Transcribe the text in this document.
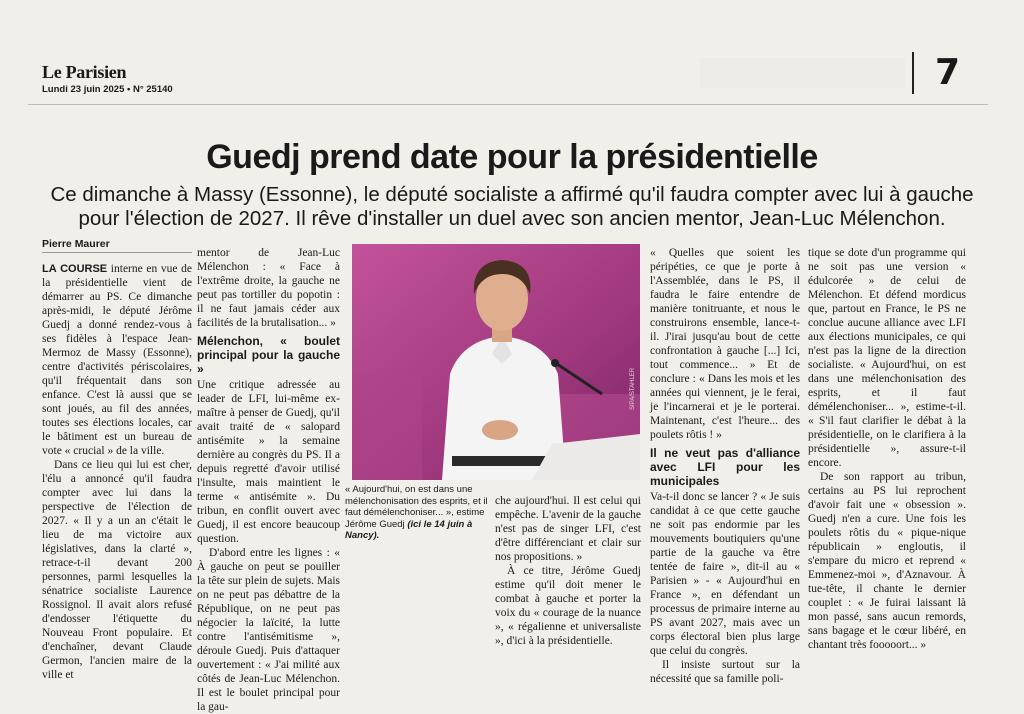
Le Parisien
Lundi 23 juin 2025 • N° 25140	7
Guedj prend date pour la présidentielle
Ce dimanche à Massy (Essonne), le député socialiste a affirmé qu'il faudra compter avec lui à gauche pour l'élection de 2027. Il rêve d'installer un duel avec son ancien mentor, Jean-Luc Mélenchon.
Pierre Maurer

LA COURSE interne en vue de la présidentielle vient de démarrer au PS. Ce dimanche après-midi, le député Jérôme Guedj a donné rendez-vous à ses fidèles à l'espace Jean-Mermoz de Massy (Essonne), centre d'activités périscolaires, qu'il fréquentait dans son enfance. C'est là aussi que se sont joués, au fil des années, toutes ses élections locales, car le bâtiment est un bureau de vote « crucial » de la ville.

Dans ce lieu qui lui est cher, l'élu a annoncé qu'il faudra compter avec lui dans la perspective de l'élection de 2027. « Il y a un an c'était le lieu de ma victoire aux législatives, dans la clarté », retrace-t-il devant 200 personnes, parmi lesquelles la sénatrice socialiste Laurence Rossignol. Il avait alors refusé d'endosser l'étiquette du Nouveau Front populaire. Et d'enchaîner, devant Claude Germon, l'ancien maire de la ville et

mentor de Jean-Luc Mélenchon : « Face à l'extrême droite, la gauche ne peut pas tortiller du popotin : il ne faut jamais céder aux facilités de la brutalisation... »

Mélenchon, « boulet principal pour la gauche »

Une critique adressée au leader de LFI, lui-même ex-maître à penser de Guedj, qu'il avait traité de « salopard antisémite » la semaine dernière au congrès du PS. Il a depuis regretté d'avoir utilisé l'insulte, mais maintient le terme « antisémite ». Du tribun, en conflit ouvert avec Guedj, il est encore beaucoup question.

D'abord entre les lignes : « À gauche on peut se pouiller la tête sur plein de sujets. Mais on ne peut pas débattre de la République, on ne peut pas négocier la laïcité, la lutte contre l'antisémitisme », déroule Guedj. Puis d'attaquer ouvertement : « J'ai milité aux côtés de Jean-Luc Mélenchon. Il est le boulet principal pour la gau-

SIPA/STAHLER
« Aujourd'hui, on est dans une mélenchonisation des esprits, et il faut démélenchoniser... », estime Jérôme Guedj (ici le 14 juin à Nancy).

che aujourd'hui. Il est celui qui empêche. L'avenir de la gauche n'est pas de singer LFI, c'est d'être différenciant et clair sur nos propositions. »

À ce titre, Jérôme Guedj estime qu'il doit mener le combat à gauche et porter la voix du « courage de la nuance », « régalienne et universaliste », d'ici à la présidentielle.

« Quelles que soient les péripéties, ce que je porte à l'Assemblée, dans le PS, il faudra le faire entendre de manière tonitruante, et nous le construirons ensemble, lance-t-il. J'irai jusqu'au bout de cette confrontation à gauche [...] Ici, tout commence... » Et de conclure : « Dans les mois et les années qui viennent, je le ferai, je l'incarnerai et je le porterai. Maintenant, c'est l'heure... des poulets rôtis ! »

Il ne veut pas d'alliance avec LFI pour les municipales

Va-t-il donc se lancer ? « Je suis candidat à ce que cette gauche ne soit pas endormie par les mouvements boutiquiers qu'une partie de la gauche va être tentée de faire », dit-il au « Parisien » - « Aujourd'hui en France », en défendant un processus de primaire interne au PS avant 2027, mais avec un corps électoral bien plus large que celui du congrès.

Il insiste surtout sur la nécessité que sa famille poli-

tique se dote d'un programme qui ne soit pas une version « édulcorée » de celui de Mélenchon. Et défend mordicus que, partout en France, le PS ne conclue aucune alliance avec LFI aux élections municipales, ce qui n'est pas la ligne de la direction socialiste. « Aujourd'hui, on est dans une mélenchonisation des esprits, et il faut démélenchoniser... », estime-t-il. « S'il faut clarifier le débat à la présidentielle, on le clarifiera à la présidentielle », assure-t-il encore.

De son rapport au tribun, certains au PS lui reprochent d'avoir fait une « obsession ». Guedj n'en a cure. Une fois les poulets rôtis du « pique-nique républicain » engloutis, il s'empare du micro et reprend « Emmenez-moi », d'Aznavour. À tue-tête, il chante le dernier couplet : « Je fuirai laissant là mon passé, sans aucun remords, sans bagage et le cœur libéré, en chantant très fooooort... »
